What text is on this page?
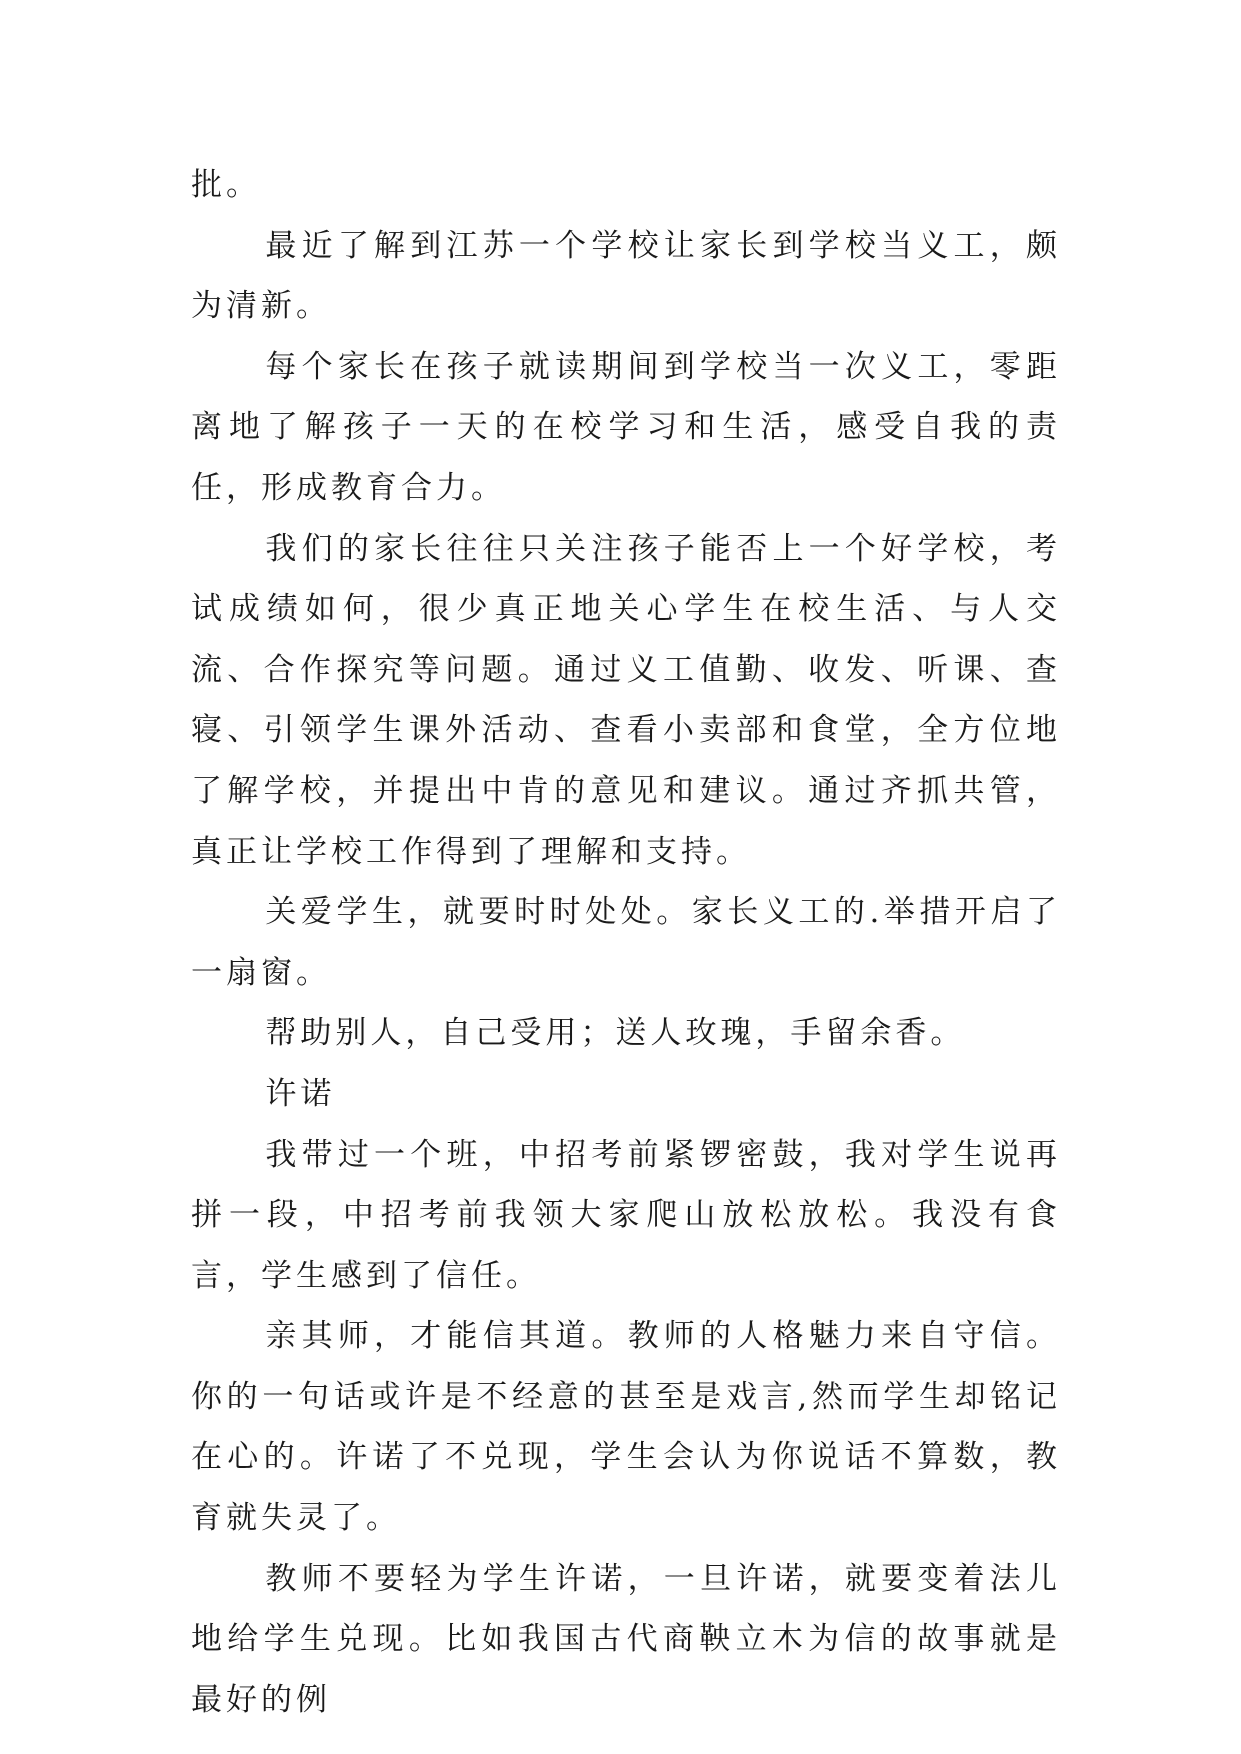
批。

最近了解到江苏一个学校让家长到学校当义工，颇为清新。

每个家长在孩子就读期间到学校当一次义工，零距离地了解孩子一天的在校学习和生活，感受自我的责任，形成教育合力。

我们的家长往往只关注孩子能否上一个好学校，考试成绩如何，很少真正地关心学生在校生活、与人交流、合作探究等问题。通过义工值勤、收发、听课、查寝、引领学生课外活动、查看小卖部和食堂，全方位地了解学校，并提出中肯的意见和建议。通过齐抓共管，真正让学校工作得到了理解和支持。

关爱学生，就要时时处处。家长义工的.举措开启了一扇窗。

帮助别人，自己受用；送人玫瑰，手留余香。

许诺

我带过一个班，中招考前紧锣密鼓，我对学生说再拼一段，中招考前我领大家爬山放松放松。我没有食言，学生感到了信任。

亲其师，才能信其道。教师的人格魅力来自守信。你的一句话或许是不经意的甚至是戏言,然而学生却铭记在心的。许诺了不兑现，学生会认为你说话不算数，教育就失灵了。

教师不要轻为学生许诺，一旦许诺，就要变着法儿地给学生兑现。比如我国古代商鞅立木为信的故事就是最好的例
